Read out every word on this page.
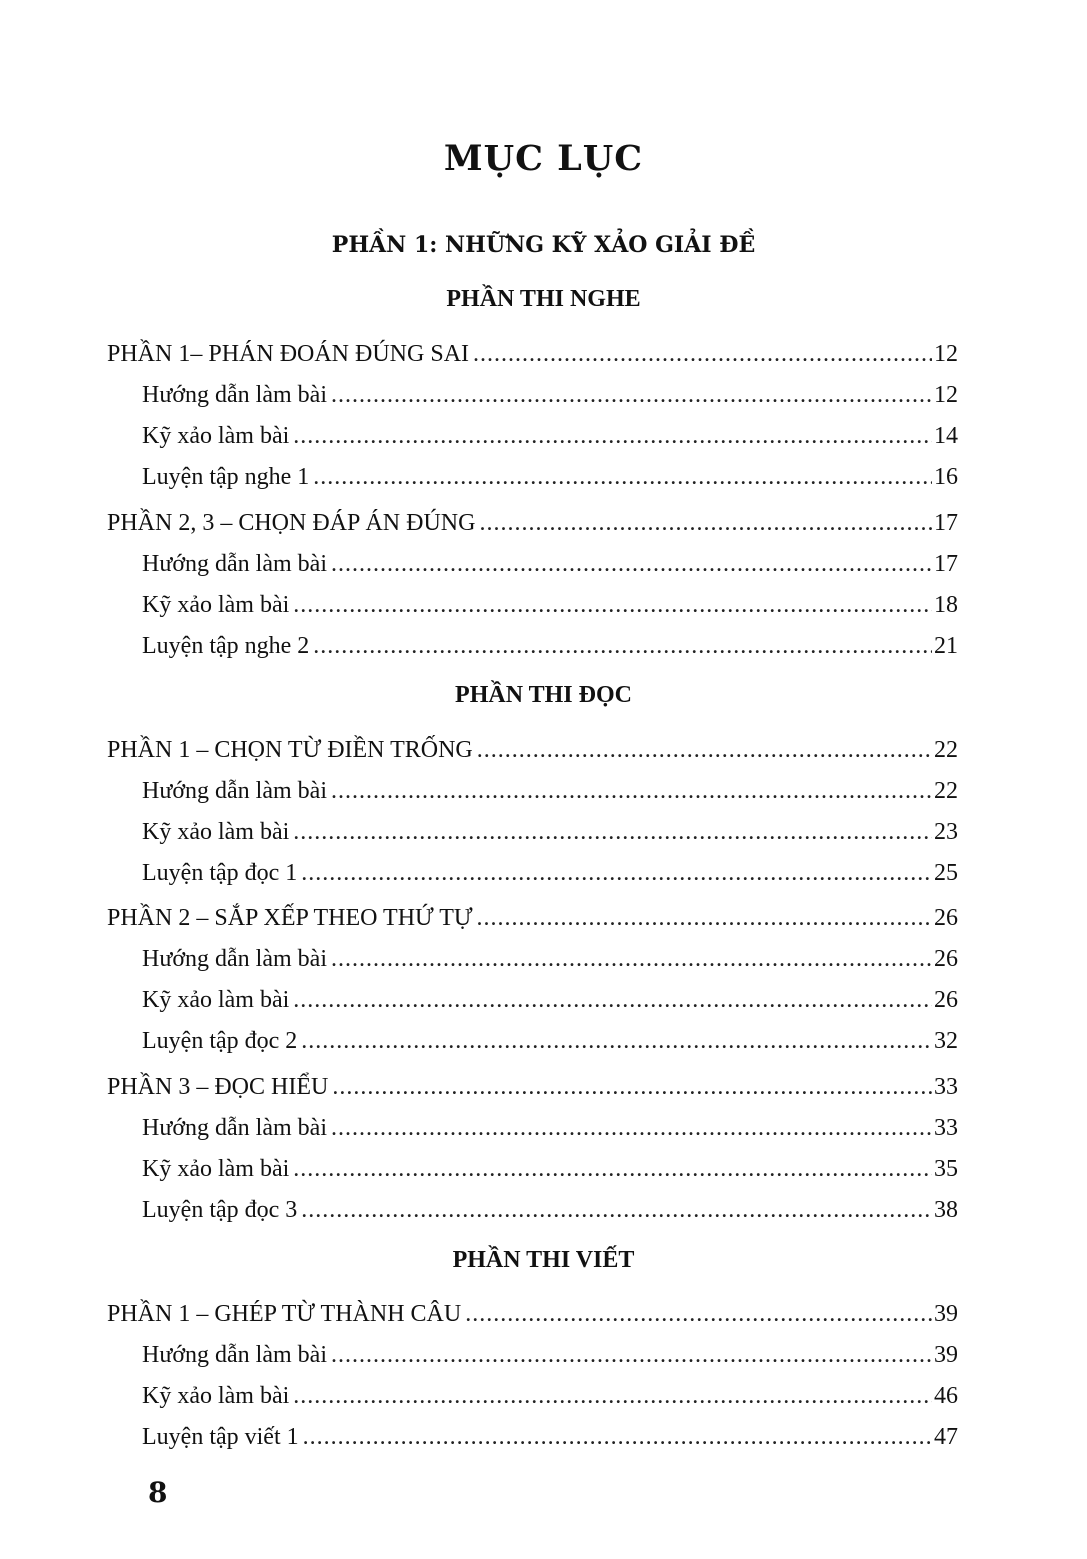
MỤC LỤC
PHẦN 1: NHỮNG KỸ XẢO GIẢI ĐỀ
PHẦN THI NGHE
PHẦN 1– PHÁN ĐOÁN ĐÚNG SAI .....	12
Hướng dẫn làm bài .....	12
Kỹ xảo làm bài .....	14
Luyện tập nghe 1 .....	16
PHẦN 2, 3 – CHỌN ĐÁP ÁN ĐÚNG .....	17
Hướng dẫn làm bài .....	17
Kỹ xảo làm bài .....	18
Luyện tập nghe 2 .....	21
PHẦN THI ĐỌC
PHẦN 1 – CHỌN TỪ ĐIỀN TRỐNG .....	22
Hướng dẫn làm bài .....	22
Kỹ xảo làm bài .....	23
Luyện tập đọc 1 .....	25
PHẦN 2 – SẮP XẾP THEO THỨ TỰ .....	26
Hướng dẫn làm bài .....	26
Kỹ xảo làm bài .....	26
Luyện tập đọc 2 .....	32
PHẦN 3 – ĐỌC HIỂU .....	33
Hướng dẫn làm bài .....	33
Kỹ xảo làm bài .....	35
Luyện tập đọc 3 .....	38
PHẦN THI VIẾT
PHẦN 1 – GHÉP TỪ THÀNH CÂU .....	39
Hướng dẫn làm bài .....	39
Kỹ xảo làm bài .....	46
Luyện tập viết 1 .....	47

8
